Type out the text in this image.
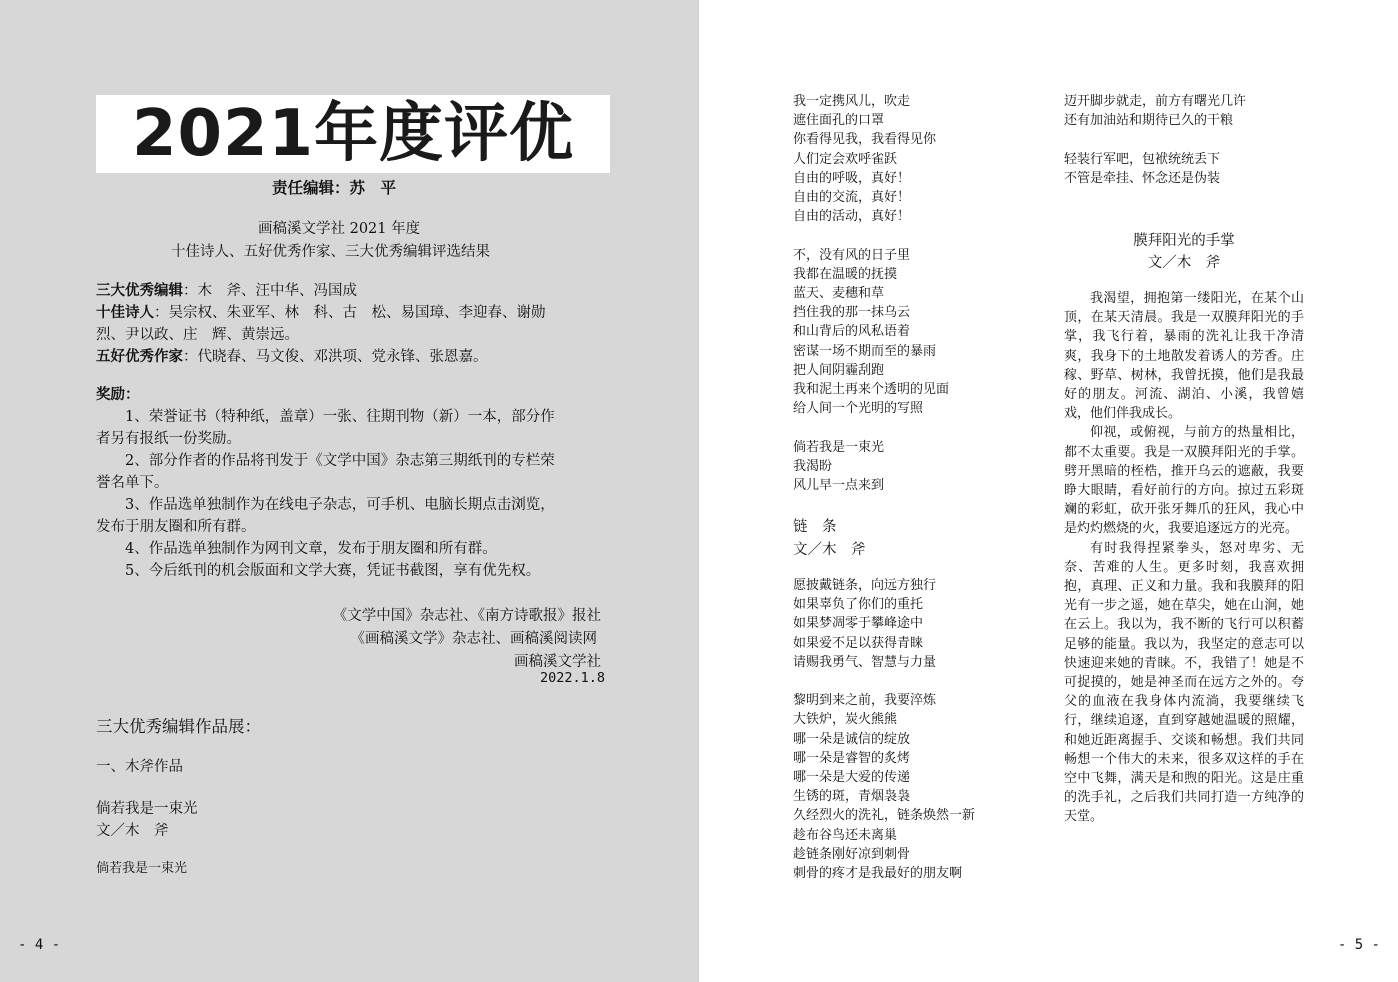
2021年度评优
责任编辑：苏　平
画稿溪文学社 2021 年度
十佳诗人、五好优秀作家、三大优秀编辑评选结果
三大优秀编辑：木　斧、汪中华、冯国成
十佳诗人：吴宗权、朱亚军、林　科、古　松、易国璋、李迎春、谢勋
烈、尹以政、庄　辉、黄崇远。
五好优秀作家：代晓春、马文俊、邓洪项、党永锋、张恩嘉。
奖励：
1、荣誉证书（特种纸，盖章）一张、往期刊物（新）一本，部分作
者另有报纸一份奖励。
2、部分作者的作品将刊发于《文学中国》杂志第三期纸刊的专栏荣
誉名单下。
3、作品选单独制作为在线电子杂志，可手机、电脑长期点击浏览，
发布于朋友圈和所有群。
4、作品选单独制作为网刊文章，发布于朋友圈和所有群。
5、今后纸刊的机会版面和文学大赛，凭证书截图，享有优先权。
《文学中国》杂志社、《南方诗歌报》报社
《画稿溪文学》杂志社、画稿溪阅读网
画稿溪文学社
2022.1.8
三大优秀编辑作品展：
一、木斧作品
倘若我是一束光
文／木　斧
倘若我是一束光
- 4 -
我一定携风儿，吹走
遮住面孔的口罩
你看得见我，我看得见你
人们定会欢呼雀跃
自由的呼吸，真好！
自由的交流，真好！
自由的活动，真好！
不，没有风的日子里
我都在温暖的抚摸
蓝天、麦穗和草
挡住我的那一抹乌云
和山背后的风私语着
密谋一场不期而至的暴雨
把人间阴霾刮跑
我和泥土再来个透明的见面
给人间一个光明的写照
倘若我是一束光
我渴盼
风儿早一点来到
链　条
文／木　斧
愿披戴链条，向远方独行
如果辜负了你们的重托
如果梦凋零于攀峰途中
如果爱不足以获得青睐
请赐我勇气、智慧与力量
黎明到来之前，我要淬炼
大铁炉，炭火熊熊
哪一朵是诚信的绽放
哪一朵是睿智的炙烤
哪一朵是大爱的传递
生锈的斑，青烟袅袅
久经烈火的洗礼，链条焕然一新
趁布谷鸟还未离巢
趁链条刚好凉到刺骨
刺骨的疼才是我最好的朋友啊
迈开脚步就走，前方有曙光几许
还有加油站和期待已久的干粮
轻装行军吧，包袱统统丢下
不管是牵挂、怀念还是伪装
膜拜阳光的手掌
文／木　斧

我渴望，拥抱第一缕阳光，在某个山顶，在某天清晨。我是一双膜拜阳光的手掌，我飞行着，暴雨的洗礼让我干净清爽，我身下的土地散发着诱人的芳香。庄稼、野草、树林，我曾抚摸，他们是我最好的朋友。河流、湖泊、小溪，我曾嬉戏，他们伴我成长。

仰视，或俯视，与前方的热量相比，都不太重要。我是一双膜拜阳光的手掌。劈开黑暗的桎梏，推开乌云的遮蔽，我要睁大眼睛，看好前行的方向。掠过五彩斑斓的彩虹，砍开张牙舞爪的狂风，我心中是灼灼燃烧的火，我要追逐远方的光亮。

有时我得捏紧拳头，怒对卑劣、无奈、苦难的人生。更多时刻，我喜欢拥抱，真理、正义和力量。我和我膜拜的阳光有一步之遥，她在草尖，她在山涧，她在云上。我以为，我不断的飞行可以积蓄足够的能量。我以为，我坚定的意志可以快速迎来她的青睐。不，我错了！她是不可捉摸的，她是神圣而在远方之外的。夸父的血液在我身体内流淌，我要继续飞行，继续追逐，直到穿越她温暖的照耀，和她近距离握手、交谈和畅想。我们共同畅想一个伟大的未来，很多双这样的手在空中飞舞，满天是和煦的阳光。这是庄重的洗手礼，之后我们共同打造一方纯净的天堂。

- 5 -
